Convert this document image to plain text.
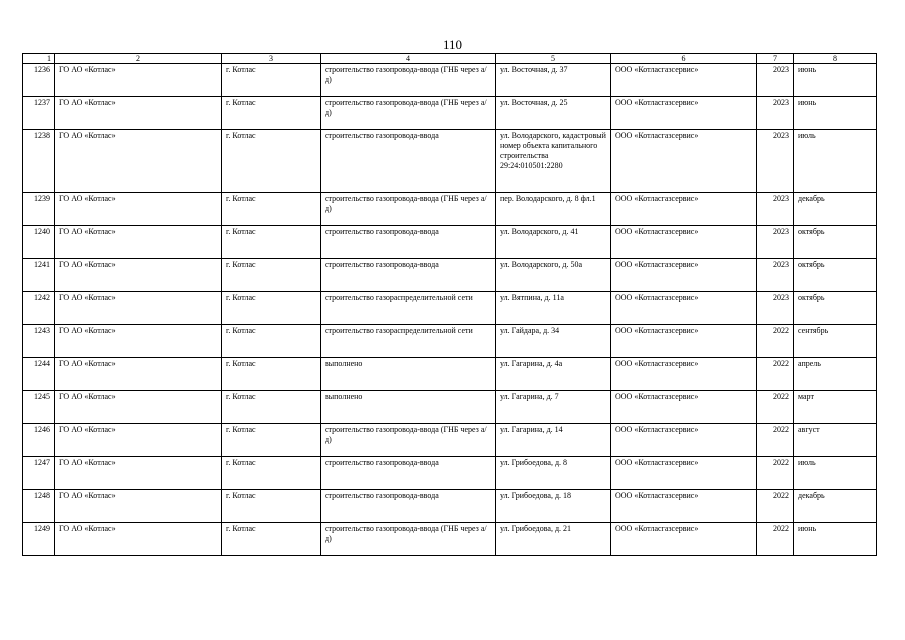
110
1	2	3	4	5	6	7	8
1236	ГО АО «Котлас»	г. Котлас	строительство газопровода-ввода (ГНБ через а/д)	ул. Восточная, д. 37	ООО «Котласгазсервис»	2023	июнь
1237	ГО АО «Котлас»	г. Котлас	строительство газопровода-ввода (ГНБ через а/д)	ул. Восточная, д. 25	ООО «Котласгазсервис»	2023	июнь
1238	ГО АО «Котлас»	г. Котлас	строительство газопровода-ввода	ул. Володарского, кадастровый номер объекта капитального строительства 29:24:010501:2280	ООО «Котласгазсервис»	2023	июль
1239	ГО АО «Котлас»	г. Котлас	строительство газопровода-ввода (ГНБ через а/д)	пер. Володарского, д. 8 фл.1	ООО «Котласгазсервис»	2023	декабрь
1240	ГО АО «Котлас»	г. Котлас	строительство газопровода-ввода	ул. Володарского, д. 41	ООО «Котласгазсервис»	2023	октябрь
1241	ГО АО «Котлас»	г. Котлас	строительство газопровода-ввода	ул. Володарского, д. 50а	ООО «Котласгазсервис»	2023	октябрь
1242	ГО АО «Котлас»	г. Котлас	строительство газораспределительной сети	ул. Вятпина, д. 11а	ООО «Котласгазсервис»	2023	октябрь
1243	ГО АО «Котлас»	г. Котлас	строительство газораспределительной сети	ул. Гайдара, д. 34	ООО «Котласгазсервис»	2022	сентябрь
1244	ГО АО «Котлас»	г. Котлас	выполнено	ул. Гагарина, д. 4а	ООО «Котласгазсервис»	2022	апрель
1245	ГО АО «Котлас»	г. Котлас	выполнено	ул. Гагарина, д. 7	ООО «Котласгазсервис»	2022	март
1246	ГО АО «Котлас»	г. Котлас	строительство газопровода-ввода (ГНБ через а/д)	ул. Гагарина, д. 14	ООО «Котласгазсервис»	2022	август
1247	ГО АО «Котлас»	г. Котлас	строительство газопровода-ввода	ул. Грибоедова, д. 8	ООО «Котласгазсервис»	2022	июль
1248	ГО АО «Котлас»	г. Котлас	строительство газопровода-ввода	ул. Грибоедова, д. 18	ООО «Котласгазсервис»	2022	декабрь
1249	ГО АО «Котлас»	г. Котлас	строительство газопровода-ввода (ГНБ через а/д)	ул. Грибоедова, д. 21	ООО «Котласгазсервис»	2022	июнь
